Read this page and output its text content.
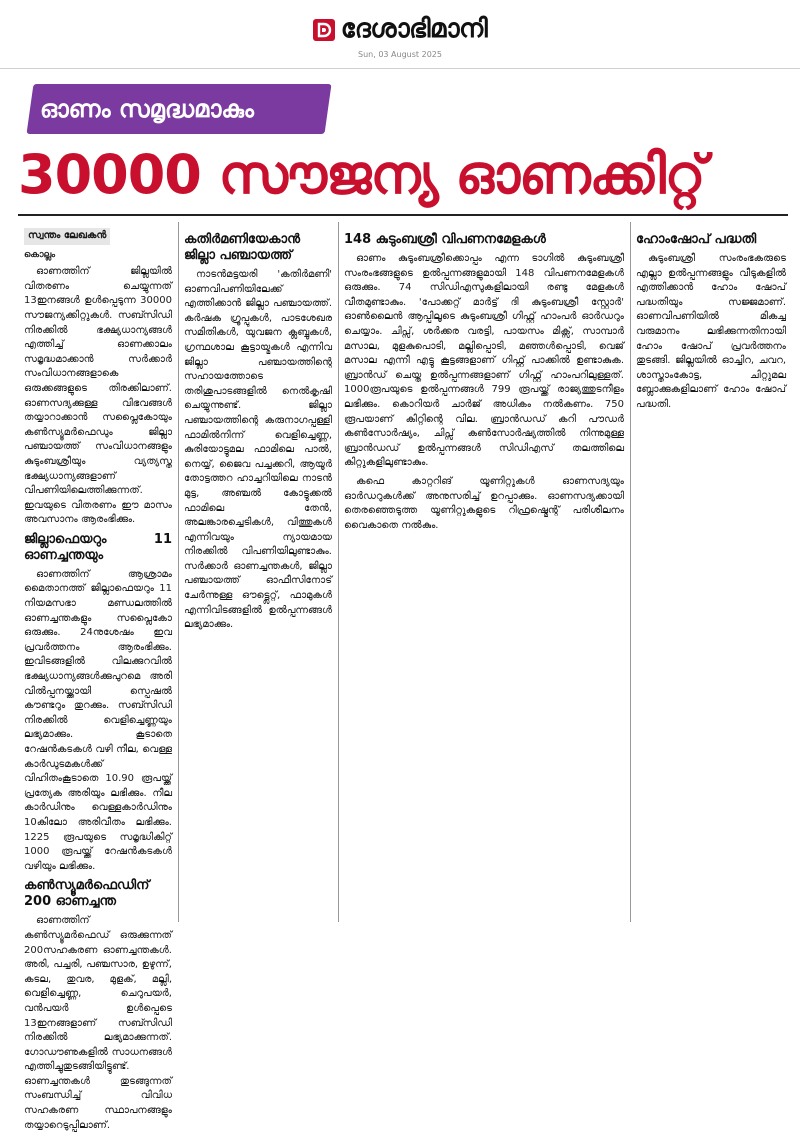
ദേശാഭിമാനി
Sun, 03 August 2025
ഓണം സമൃദ്ധമാകും
30000 സൗജന്യ ഓണക്കിറ്റ്
സ്വന്തം ലേഖകൻ
കൊല്ലം

ഓണത്തിന് ജില്ലയിൽ വിതരണം ചെയ്യുന്നത് 13ഇനങ്ങൾ ഉൾപ്പെടുന്ന 30000 സൗജന്യക്കിറ്റുകൾ. സബ്സിഡി നിരക്കിൽ ഭക്ഷ്യധാന്യങ്ങൾ എത്തിച്ച് ഓണക്കാലം സമൃദ്ധമാക്കാൻ സർക്കാർ സംവിധാനങ്ങളാകെ ഒരുക്കങ്ങളുടെ തിരക്കിലാണ്. ഓണസദ്യക്കുള്ള വിഭവങ്ങൾ തയ്യാറാക്കാൻ സപ്ലൈകോയും കൺസ്യൂമർഫെഡും ജില്ലാ പഞ്ചായത്ത് സംവിധാനങ്ങളും കുടുംബശ്രീയും വ്യത്യസ്ത ഭക്ഷ്യധാന്യങ്ങളാണ് വിപണിയിലെത്തിക്കുന്നത്. ഇവയുടെ വിതരണം ഈ മാസം അവസാനം ആരംഭിക്കും.

ജില്ലാഫെയറും 11 ഓണച്ചന്തയും

ഓണത്തിന് ആശ്രാമം മൈതാനത്ത് ജില്ലാഫെയറും 11 നിയമസഭാ മണ്ഡലത്തിൽ ഓണച്ചന്തകളും സപ്ലൈകോ ഒരുക്കും. 24നുശേഷം ഇവ പ്രവർത്തനം ആരംഭിക്കും. ഇവിടങ്ങളിൽ വിലക്കുറവിൽ ഭക്ഷ്യധാന്യങ്ങൾക്കുപുറമെ അരി വിൽപ്പനയ്ക്കായി സ്പെഷൽ കൗണ്ടറും തുറക്കും. സബ്സിഡി നിരക്കിൽ വെളിച്ചെണ്ണയും ലഭ്യമാക്കും. കൂടാതെ റേഷൻകടകൾ വഴി നീല, വെള്ള കാർഡുടമകൾക്ക് വിഹിതംകൂടാതെ 10.90 രൂപയ്ക്ക് പ്രത്യേക അരിയും ലഭിക്കും. നീല കാർഡിനും വെള്ളകാർഡിനും 10കിലോ അരിവീതം ലഭിക്കും. 1225 രൂപയുടെ സമൃദ്ധികിറ്റ് 1000 രൂപയ്ക്ക് റേഷൻകടകൾ വഴിയും ലഭിക്കും.

കൺസ്യൂമർഫെഡിന് 200 ഓണച്ചന്ത

ഓണത്തിന് കൺസ്യൂമർഫെഡ് ഒരുക്കുന്നത് 200സഹകരണ ഓണച്ചന്തകൾ. അരി, പച്ചരി, പഞ്ചസാര, ഉഴുന്ന്, കടല, തുവര, മുളക്, മല്ലി, വെളിച്ചെണ്ണ, ചെറുപയർ, വൻപയർ ഉൾപ്പെടെ 13ഇനങ്ങളാണ് സബ്സിഡി നിരക്കിൽ ലഭ്യമാക്കുന്നത്. ഗോഡൗണുകളിൽ സാധനങ്ങൾ എത്തിച്ചുതുടങ്ങിയിട്ടുണ്ട്. ഓണച്ചന്തകൾ തുടങ്ങുന്നത് സംബന്ധിച്ച് വിവിധ സഹകരണ സ്ഥാപനങ്ങളും തയ്യാറെടുപ്പിലാണ്.

കതിർമണിയേകാൻ ജില്ലാ പഞ്ചായത്ത്

നാടൻമട്ടയരി 'കതിർമണി' ഓണവിപണിയിലേക്ക് എത്തിക്കാൻ ജില്ലാ പഞ്ചായത്ത്. കർഷക ഗ്രൂപ്പുകൾ, പാടശേഖര സമിതികൾ, യുവജന ക്ലബ്ബുകൾ, ഗ്രന്ഥശാല കൂട്ടായ്മകൾ എന്നിവ ജില്ലാ പഞ്ചായത്തിന്റെ സഹായത്തോടെ തരിശുപാടങ്ങളിൽ നെൽകൃഷി ചെയ്യുന്നുണ്ട്. ജില്ലാ പഞ്ചായത്തിന്റെ കരുനാഗപ്പള്ളി ഫാമിൽനിന്ന് വെളിച്ചെണ്ണ, കുരിയോട്ടുമല ഫാമിലെ പാൽ, നെയ്യ്, ജൈവ പച്ചക്കറി, ആയൂർ തോട്ടത്തറ ഹാച്ചറിയിലെ നാടൻ മുട്ട, അഞ്ചൽ കോട്ടുക്കൽ ഫാമിലെ തേൻ, അലങ്കാരച്ചെടികൾ, വിത്തുകൾ എന്നിവയും ന്യായമായ നിരക്കിൽ വിപണിയിലുണ്ടാകും. സർക്കാർ ഓണച്ചന്തകൾ, ജില്ലാ പഞ്ചായത്ത് ഓഫീസിനോട് ചേർന്നുള്ള ഔട്ട്ലെറ്റ്, ഫാമുകൾ എന്നിവിടങ്ങളിൽ ഉൽപ്പന്നങ്ങൾ ലഭ്യമാക്കും.

148 കുടുംബശ്രീ വിപണനമേളകൾ

ഓണം കുടുംബശ്രീക്കൊപ്പം എന്ന ടാഗിൽ കുടുംബശ്രീ സംരംഭങ്ങളുടെ ഉൽപ്പന്നങ്ങളുമായി 148 വിപണനമേളകൾ ഒരുക്കും. 74 സിഡിഎസുകളിലായി രണ്ടു മേളകൾ വീതമുണ്ടാകും. 'പോക്കറ്റ് മാർട്ട് ദി കുടുംബശ്രീ സ്റ്റോർ' ഓൺലൈൻ ആപ്പിലൂടെ കുടുംബശ്രീ ഗിഫ്റ്റ് ഹാംപർ ഓർഡറും ചെയ്യാം. ചിപ്സ്, ശർക്കര വരട്ടി, പായസം മിക്സ്, സാമ്പാർ മസാല, മുളകുപൊടി, മല്ലിപ്പൊടി, മഞ്ഞൾപ്പൊടി, വെജ് മസാല എന്നീ എട്ടു കൂട്ടങ്ങളാണ് ഗിഫ്റ്റ് പാക്കിൽ ഉണ്ടാകുക. ബ്രാൻഡ് ചെയ്ത ഉൽപ്പന്നങ്ങളാണ് ഗിഫ്റ്റ് ഹാംപറിലുള്ളത്. 1000രൂപയുടെ ഉൽപ്പന്നങ്ങൾ 799 രൂപയ്ക്ക് രാജ്യത്തുടനീളം ലഭിക്കും. കൊറിയർ ചാർജ് അധികം നൽകണം. 750 രൂപയാണ് കിറ്റിന്റെ വില. ബ്രാൻഡഡ് കറി പൗഡർ കൺസോർഷ്യം, ചിപ്സ് കൺസോർഷ്യത്തിൽ നിന്നുമുള്ള ബ്രാൻഡഡ് ഉൽപ്പന്നങ്ങൾ സിഡിഎസ് തലത്തിലെ കിറ്റുകളിലുണ്ടാകും.

കഫെ കാറ്ററിങ് യൂണിറ്റുകൾ ഓണസദ്യയും ഓർഡറുകൾക്ക് അനുസരിച്ച് ഉറപ്പാക്കും. ഓണസദ്യക്കായി തെരഞ്ഞെടുത്ത യൂണിറ്റുകളുടെ റിഫ്രഷ്മെന്റ് പരിശീലനം വൈകാതെ നൽകും.

ഹോംഷോപ് പദ്ധതി

കുടുംബശ്രീ സംരംഭകരുടെ എല്ലാ ഉൽപ്പന്നങ്ങളും വീടുകളിൽ എത്തിക്കാൻ ഹോം ഷോപ് പദ്ധതിയും സജ്ജമാണ്. ഓണവിപണിയിൽ മികച്ച വരുമാനം ലഭിക്കുന്നതിനായി ഹോം ഷോപ് പ്രവർത്തനം തുടങ്ങി. ജില്ലയിൽ ഓച്ചിറ, ചവറ, ശാസ്താംകോട്ട, ചിറ്റുമല ബ്ലോക്കുകളിലാണ് ഹോം ഷോപ് പദ്ധതി.
